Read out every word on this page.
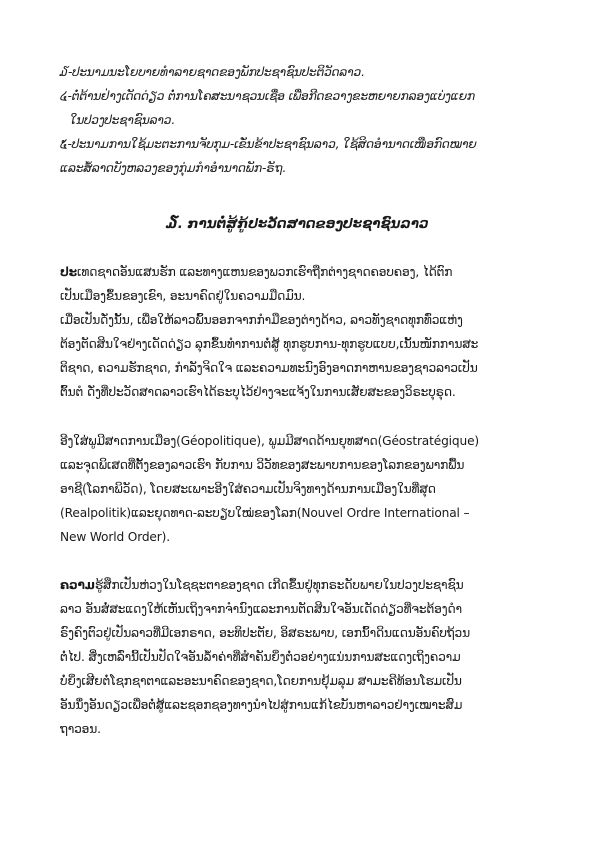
໓-ປະນາມນະໂຍບາຍທຳລາຍຊາດຂອງພັກປະຊາຊົນປະຕິວັດລາວ.
໔-ຕໍ່ຕ້ານຢ່າງເດັດດ່ຽວ ຕໍ່ການໂຄສະນາຊວນເຊື່ອ ເພື່ອກີດຂວາງຂະຫຍາຍກລອງແບ່ງແຍກ
ໃນປວງປະຊາຊົນລາວ.
໕-ປະນາມການໃຊ້ມະຕະການຈັບກຸມ-ເຂັ່ນຂ້າປະຊາຊົນລາວ, ໃຊ້ສິດອຳນາດເໜືອກົດໝາຍ
ແລະສໍ້ລາດບັງຫລວງຂອງກຸ່ມກຳອຳນາດພັກ-ຣັຖ.
໓. ການຕໍ່ສູ້ກູ້ປະວັດສາດຂອງປະຊາຊົນລາວ
ປະເທດຊາດອັນແສນຮັກ ແລະທາງແຫນຂອງພວກເຮົາຖືກຕ່າງຊາດຄອບຄອງ, ໄດ້ຕົກ
ເປັນເມືອງຂຶ້ນຂອງເຂົາ, ອະນາຄົດຢູ່ໃນຄວາມມືດມົນ.
ເມື່ອເປັນດັ່ງນັ້ນ, ເພື່ອໃຫ້ລາວພົ້ນອອກຈາກກໍາມືຂອງຕ່າງດ້າວ, ລາວທັງຊາດທຸກທົ່ວແຫ່ງ
ຕ້ອງຕັດສິນໃຈຢ່າງເດັດດ່ຽວ ລຸກຂຶ້ນທໍາການຕໍ່ສູ້ ທຸກຮູບການ-ທຸກຮູບແບບ,ເນັ້ນໜັກການສະ
ຕິຊາດ, ຄວາມຮັກຊາດ, ກໍາລັງຈິດໃຈ ແລະຄວາມທະນົງອົງອາດກາຫານຂອງຊາວລາວເປັນ
ຕົ້ນຕໍ ດັ່ງທີ່ປະວັດສາດລາວເຮົາໄດ້ຣະບຸໄວ້ຢ່າງຈະແຈ້ງໃນການເສັຍສະຂອງວິຣະບຸຣຸດ.
ອີງໃສ່ພູມີສາດການເມືອງ(Géopolitique), ພູມມີສາດດ້ານຍຸທສາດ(Géostratégique)
ແລະຈຸດພິເສດທີ່ຕັ້ງຂອງລາວເຮົາ ກັບການ ວິວັທຂອງສະພາບການຂອງໂລກຂອງພາກພື້ນ
ອາຊີ(ໂລກາພິວັດ), ໂດຍສະເພາະອີງໃສ່ຄວາມເປັນຈິງທາງດ້ານການເມືອງໃນທີ່ສຸດ
(Realpolitik)ແລະຍຸດທາດ-ລະບຽບໃໝ່ຂອງໂລກ(Nouvel Ordre International –
New World Order).
ຄວາມຮູ້ສຶກເປັນຫ່ວງໃນໂຊຊະຕາຂອງຊາດ ເກີດຂຶ້ນຢູ່ທຸກຣະດັບພາຍໃນປວງປະຊາຊົນ
ລາວ ອັນສໍ່ສະແດງໃຫ້ເຫັນເຖິງຈາກຈໍານົງແລະການຕັດສິນໃຈອັນເດັດດ່ຽວທີ່ຈະຕ້ອງດໍາ
ຣົງຄົງຕົວຢູ່ເປັນລາວທີ່ມີເອກຣາດ, ອະທິປະຕັຍ, ອິສຣະພາບ, ເອກນົ້າດິນແດນອັນຄົບຖ້ວນ
ຕໍ່ໄປ. ສິ່ງເຫລົ່ານີ້ເປັນປັດໃຈອັນລ້ຳຄ່າທີ່ສໍາຄັນຍິ່ງຕໍ່ວອຍ່າງແນ່ນການສະແດງເຖິງຄວາມ
ບໍ່ຍິ່ງເສີຍຕໍ່ໂຊກຊາຕາແລະອະນາຄົດຂອງຊາດ,ໂດຍການຢຸ້ມລຸມ ສາມະຄີທ້ອນໂຮມເປັນ
ອັນນຶ່ງອັນດຽວເພື່ອຕໍ່ສູ້ແລະຊອກຊອງທາງນໍາໄປສູ່ການແກ້ໄຂບັນຫາລາວຢ່າງເໝາະສົມ
ຖາວອນ.
